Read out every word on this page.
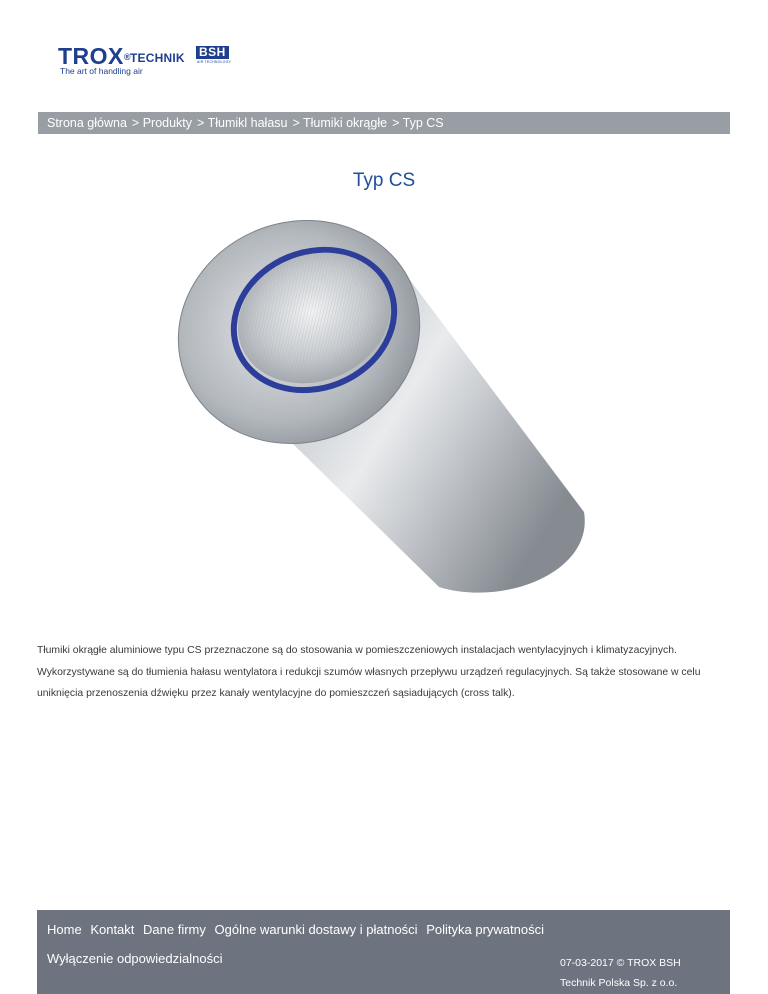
TROX®
TECHNIK BSH
AIR TECHNOLOGY
The art of handling air
Strona główna > Produkty > Tłumikl hałasu > Tłumiki okrągłe > Typ CS
Typ CS

Tłumiki okrągłe aluminiowe typu CS przeznaczone są do stosowania w pomieszczeniowych instalacjach wentylacyjnych i klimatyzacyjnych. Wykorzystywane są do tłumienia hałasu wentylatora i redukcji szumów własnych przepływu urządzeń regulacyjnych. Są także stosowane w celu uniknięcia przenoszenia dźwięku przez kanały wentylacyjne do pomieszczeń sąsiadujących (cross talk).

Home Kontakt Dane firmy Ogólne warunki dostawy i płatności Polityka prywatności
Wyłączenie odpowiedzialności	07-03-2017 © TROX BSH
Technik Polska Sp. z o.o.
